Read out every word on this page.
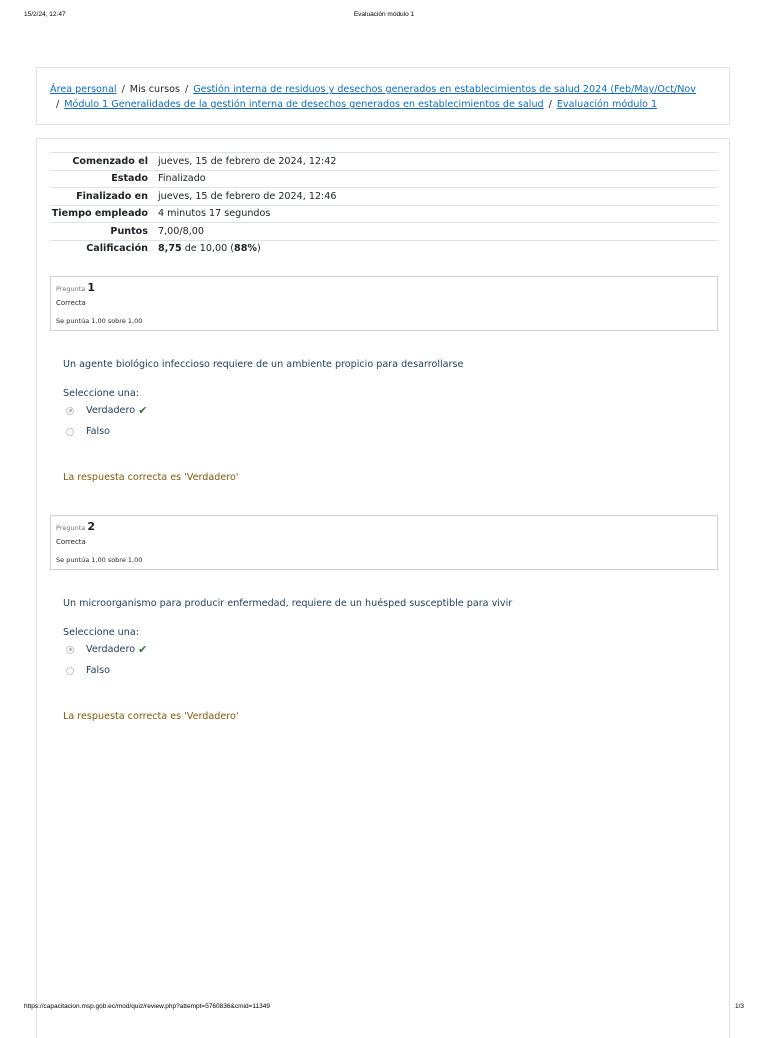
15/2/24, 12:47	Evaluación módulo 1
Área personal / Mis cursos / Gestión interna de residuos y desechos generados en establecimientos de salud 2024 (Feb/May/Oct/Nov
/ Módulo 1 Generalidades de la gestión interna de desechos generados en establecimientos de salud / Evaluación módulo 1
Comenzado el	jueves, 15 de febrero de 2024, 12:42
Estado	Finalizado
Finalizado en	jueves, 15 de febrero de 2024, 12:46
Tiempo empleado	4 minutos 17 segundos
Puntos	7,00/8,00
Calificación	8,75 de 10,00 (88%)
Pregunta 1
Correcta
Se puntúa 1,00 sobre 1,00
Un agente biológico infeccioso requiere de un ambiente propicio para desarrollarse
Seleccione una:
Verdadero ✔
Falso
La respuesta correcta es 'Verdadero'
Pregunta 2
Correcta
Se puntúa 1,00 sobre 1,00
Un microorganismo para producir enfermedad, requiere de un huésped susceptible para vivir
Seleccione una:
Verdadero ✔
Falso
La respuesta correcta es 'Verdadero'
https://capacitacion.msp.gob.ec/mod/quiz/review.php?attempt=5760836&cmid=11349	1/3
